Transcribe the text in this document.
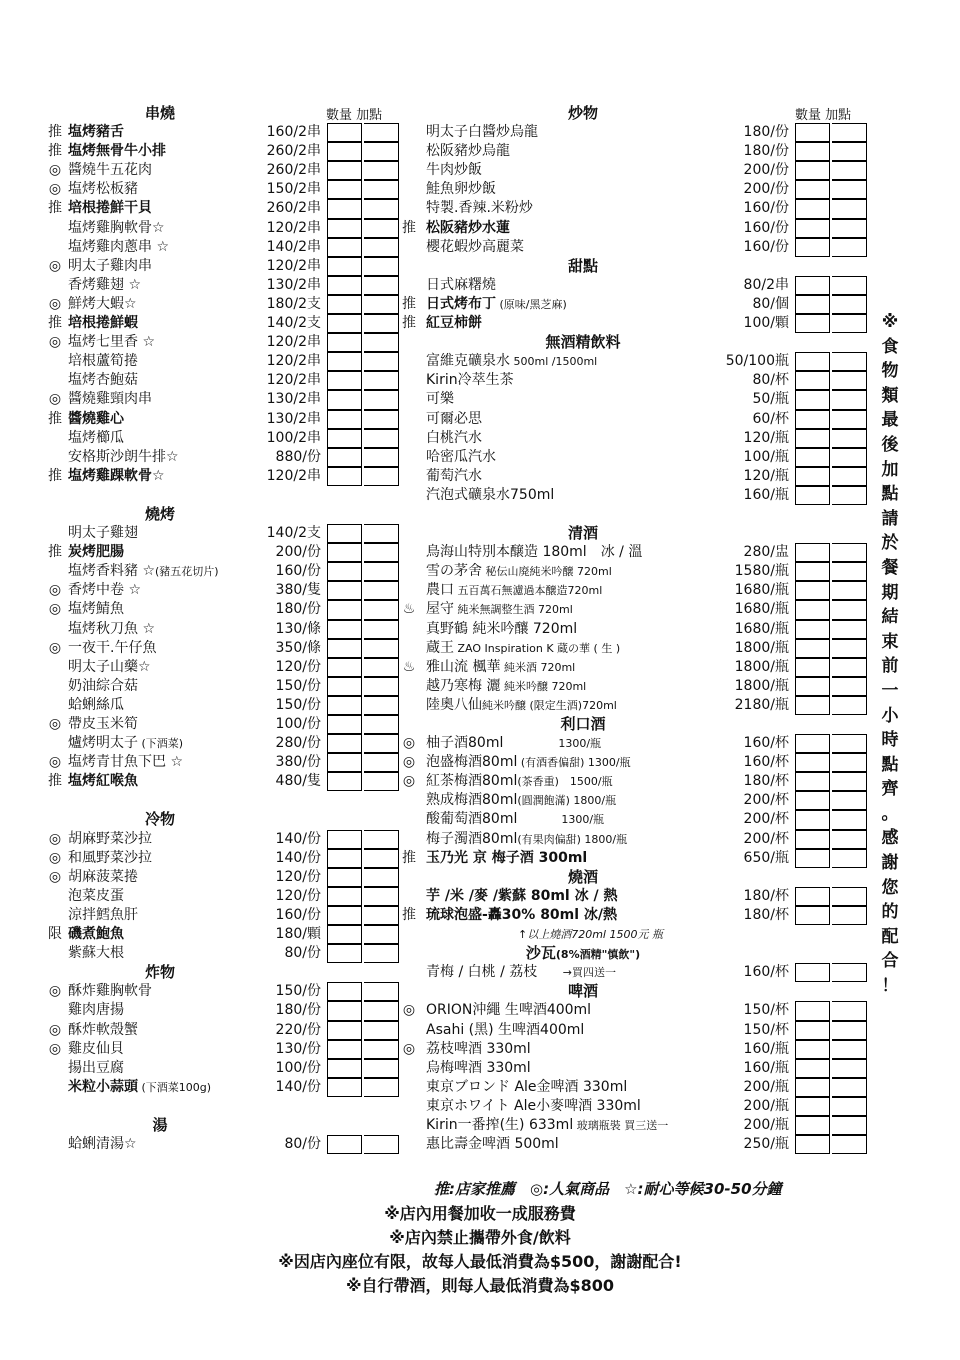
數量 加點	數量 加點
串燒
推 塩烤豬舌	160/2串
推 塩烤無骨牛小排	260/2串
◎ 醬燒牛五花肉	260/2串
◎ 塩烤松板豬	150/2串
推 培根捲鮮干貝	260/2串
塩烤雞胸軟骨☆	120/2串
塩烤雞肉蔥串 ☆	140/2串
◎ 明太子雞肉串	120/2串
香烤雞翅 ☆	130/2串
◎ 鮮烤大蝦☆	180/2支
推 培根捲鮮蝦	140/2支
◎ 塩烤七里香 ☆	120/2串
培根蘆筍捲	120/2串
塩烤杏鮑菇	120/2串
◎ 醬燒雞頸肉串	130/2串
推 醬燒雞心	130/2串
塩烤櫛瓜	100/2串
安格斯沙朗牛排☆	880/份
推 塩烤雞踝軟骨☆	120/2串
燒烤
明太子雞翅	140/2支
推 炭烤肥腸	200/份
塩烤香料豬 ☆(豬五花切片)	160/份
◎ 香烤中卷 ☆	380/隻
◎ 塩烤鯖魚	180/份
塩烤秋刀魚 ☆	130/條
◎ 一夜干.午仔魚	350/條
明太子山藥☆	120/份
奶油綜合菇	150/份
蛤蜊絲瓜	150/份
◎ 帶皮玉米筍	100/份
爐烤明太子 (下酒菜)	280/份
◎ 塩烤青甘魚下巴 ☆	380/份
推 塩烤紅喉魚	480/隻
冷物
◎ 胡麻野菜沙拉	140/份
◎ 和風野菜沙拉	140/份
◎ 胡麻菠菜捲	120/份
泡菜皮蛋	120/份
涼拌鱈魚肝	160/份
限 磯煮鮑魚	180/顆
紫蘇大根	80/份
炸物
◎ 酥炸雞胸軟骨	150/份
雞肉唐揚	180/份
◎ 酥炸軟殼蟹	220/份
◎ 雞皮仙貝	130/份
揚出豆腐	100/份
米粒小蒜頭 (下酒菜100g)	140/份
湯
蛤蜊清湯☆	80/份
炒物
明太子白醬炒烏龍	180/份
松阪豬炒烏龍	180/份
牛肉炒飯	200/份
鮭魚卵炒飯	200/份
特製.香辣.米粉炒	160/份
推 松阪豬炒水蓮	160/份
櫻花蝦炒高麗菜	160/份
甜點
日式麻糬燒	80/2串
推 日式烤布丁 (原味/黑芝麻)	80/個
推 紅豆柿餅	100/顆
無酒精飲料
富維克礦泉水 500ml /1500ml	50/100瓶
Kirin冷萃生茶	80/杯
可樂	50/瓶
可爾必思	60/杯
白桃汽水	120/瓶
哈密瓜汽水	100/瓶
葡萄汽水	120/瓶
汽泡式礦泉水750ml	160/瓶
清酒
鳥海山特別本醸造 180ml　冰 / 溫	280/盅
雪の茅舍 秘伝山廃純米吟醸 720ml	1580/瓶
農口 五百萬石無濾過本醸造720ml	1680/瓶
♨ 屋守 純米無調整生酒 720ml	1680/瓶
真野鶴 純米吟釀 720ml	1680/瓶
蔵王 ZAO Inspiration K 蔵の華 ( 生 )	1800/瓶
♨ 雅山流 楓華 純米酒 720ml	1800/瓶
越乃寒梅 灑 純米吟醸 720ml	1800/瓶
陸奧八仙純米吟醸 (限定生酒)720ml	2180/瓶
利口酒
◎ 柚子酒80ml　　　　　1300/瓶	160/杯
◎ 泡盛梅酒80ml (有酒香偏甜) 1300/瓶	160/杯
◎ 紅茶梅酒80ml(茶香重)　1500/瓶	180/杯
熟成梅酒80ml(圓潤飽滿) 1800/瓶	200/杯
酸葡萄酒80ml　　　　1300/瓶	200/杯
梅子濁酒80ml(有果肉偏甜) 1800/瓶	200/杯
推 玉乃光 京 梅子酒 300ml	650/瓶
燒酒
芋 /米 /麥 /紫蘇 80ml 冰 / 熱	180/杯
推 琉球泡盛-轟30% 80ml 冰/熱	180/杯
↑以上燒酒720ml 1500元 瓶
沙瓦(8%酒精"慎飲")
青梅 / 白桃 / 荔枝　　 →買四送一	160/杯
啤酒
◎ ORION沖繩 生啤酒400ml	150/杯
Asahi (黑) 生啤酒400ml	150/杯
◎ 荔枝啤酒 330ml	160/瓶
烏梅啤酒 330ml	160/瓶
東京ブロンド Ale金啤酒 330ml	200/瓶
東京ホワイト Ale小麥啤酒 330ml	200/瓶
Kirin一番搾(生) 633ml 玻璃瓶裝 買三送一	200/瓶
惠比壽金啤酒 500ml	250/瓶
※
食
物
類
最
後
加
點
請
於
餐
期
結
束
前
一
小
時
點
齊
。
感
謝
您
的
配
合
！
推:店家推薦　◎:人氣商品　☆:耐心等候30-50分鐘
※店內用餐加收一成服務費
※店內禁止攜帶外食/飲料
※因店內座位有限，故每人最低消費為$500，謝謝配合!
※自行帶酒，則每人最低消費為$800
